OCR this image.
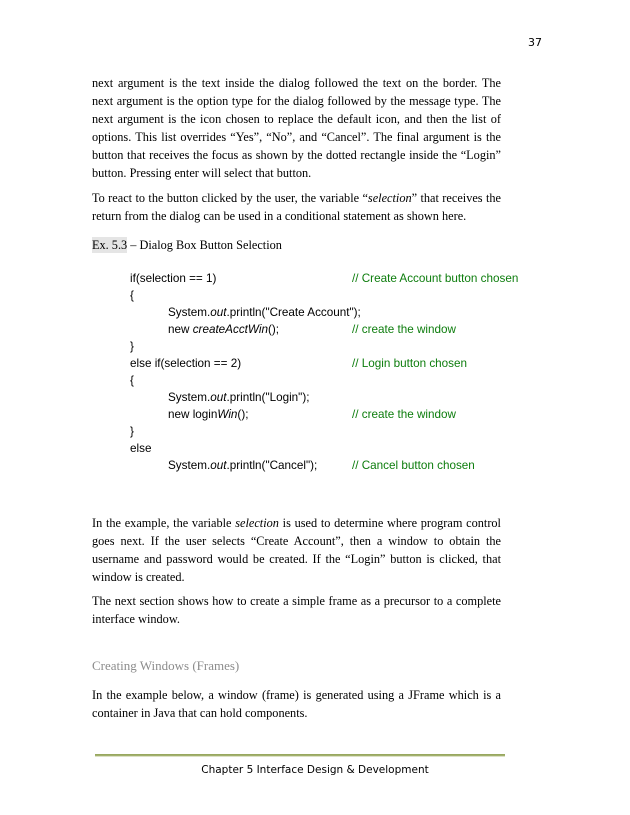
37

next argument is the text inside the dialog followed the text on the border. The next argument is the option type for the dialog followed by the message type. The next argument is the icon chosen to replace the default icon, and then the list of options. This list overrides “Yes”, “No”, and “Cancel”. The final argument is the button that receives the focus as shown by the dotted rectangle inside the “Login” button. Pressing enter will select that button.

To react to the button clicked by the user, the variable “selection” that receives the return from the dialog can be used in a conditional statement as shown here.

Ex. 5.3 – Dialog Box Button Selection

if(selection == 1)	// Create Account button chosen
{
System.out.println("Create Account");
new createAcctWin();	// create the window
}
else if(selection == 2)	// Login button chosen
{
System.out.println("Login");
new loginWin();	// create the window
}
else
System.out.println("Cancel");	// Cancel button chosen

In the example, the variable selection is used to determine where program control goes next. If the user selects “Create Account”, then a window to obtain the username and password would be created. If the “Login” button is clicked, that window is created.

The next section shows how to create a simple frame as a precursor to a complete interface window.

Creating Windows (Frames)

In the example below, a window (frame) is generated using a JFrame which is a container in Java that can hold components.

Chapter 5 Interface Design & Development
